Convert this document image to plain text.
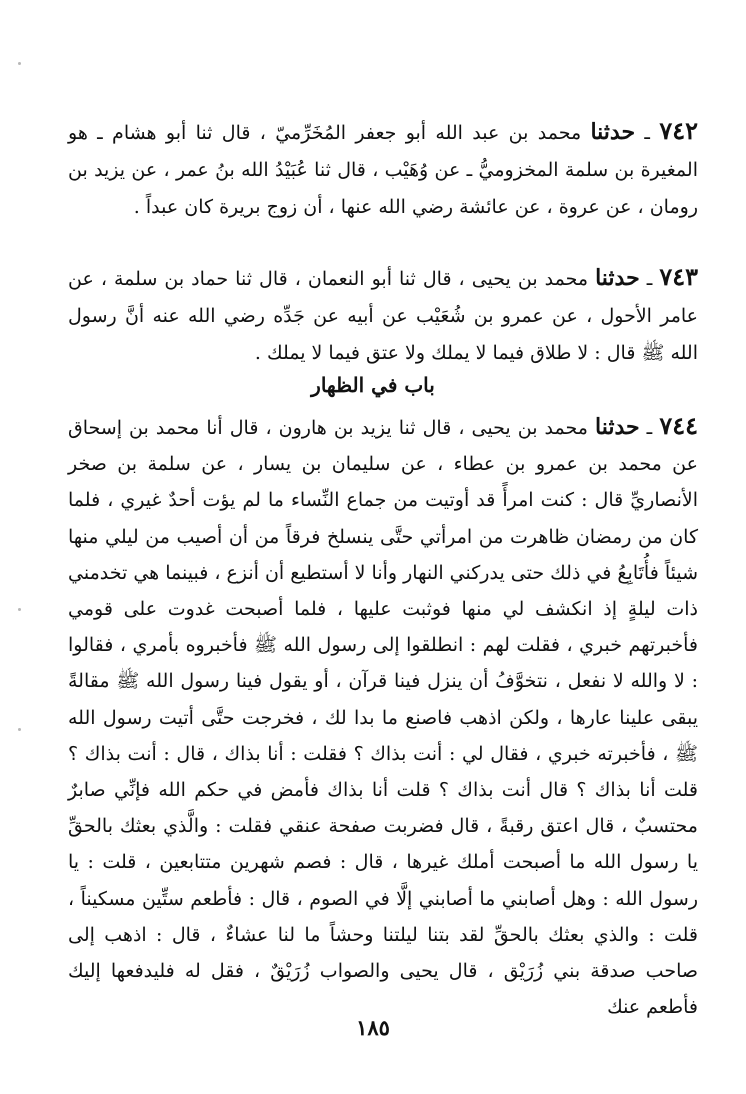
٧٤٢ ـ حدثنا محمد بن عبد الله أبو جعفر المُخَرِّميّ ، قال ثنا أبو هشام ـ هو المغيرة بن سلمة المخزوميُّ ـ عن وُهَيْب ، قال ثنا عُبَيْدُ الله بنُ عمر ، عن يزيد بن رومان ، عن عروة ، عن عائشة رضي الله عنها ، أن زوج بريرة كان عبداً .

٧٤٣ ـ حدثنا محمد بن يحيى ، قال ثنا أبو النعمان ، قال ثنا حماد بن سلمة ، عن عامر الأحول ، عن عمرو بن شُعَيْب عن أبيه عن جَدِّه رضي الله عنه أنَّ رسول الله ﷺ قال : لا طلاق فيما لا يملك ولا عتق فيما لا يملك .

باب في الظهار

٧٤٤ ـ حدثنا محمد بن يحيى ، قال ثنا يزيد بن هارون ، قال أنا محمد بن إسحاق عن محمد بن عمرو بن عطاء ، عن سليمان بن يسار ، عن سلمة بن صخر الأنصاريِّ قال : كنت امرأً قد أوتيت من جماع النِّساء ما لم يؤت أحدٌ غيري ، فلما كان من رمضان ظاهرت من امرأتي حتَّى ينسلخ فرقاً من أن أصيب من ليلي منها شيئاً فأُتَابِعُ في ذلك حتى يدركني النهار وأنا لا أستطيع أن أنزع ، فبينما هي تخدمني ذات ليلةٍ إذ انكشف لي منها فوثبت عليها ، فلما أصبحت غدوت على قومي فأخبرتهم خبري ، فقلت لهم : انطلقوا إلى رسول الله ﷺ فأخبروه بأمري ، فقالوا : لا والله لا نفعل ، نتخوَّفُ أن ينزل فينا قرآن ، أو يقول فينا رسول الله ﷺ مقالةً يبقى علينا عارها ، ولكن اذهب فاصنع ما بدا لك ، فخرجت حتَّى أتيت رسول الله ﷺ ، فأخبرته خبري ، فقال لي : أنت بذاك ؟ فقلت : أنا بذاك ، قال : أنت بذاك ؟ قلت أنا بذاك ؟ قال أنت بذاك ؟ قلت أنا بذاك فأمض في حكم الله فإنِّي صابرٌ محتسبٌ ، قال اعتق رقبةً ، قال فضربت صفحة عنقي فقلت : والَّذي بعثك بالحقِّ يا رسول الله ما أصبحت أملك غيرها ، قال : فصم شهرين متتابعين ، قلت : يا رسول الله : وهل أصابني ما أصابني إلَّا في الصوم ، قال : فأطعم ستِّين مسكيناً ، قلت : والذي بعثك بالحقِّ لقد بتنا ليلتنا وحشاً ما لنا عشاءٌ ، قال : اذهب إلى صاحب صدقة بني زُرَيْق ، قال يحيى والصواب زُرَيْقٌ ، فقل له فليدفعها إليك فأطعم عنك

١٨٥
